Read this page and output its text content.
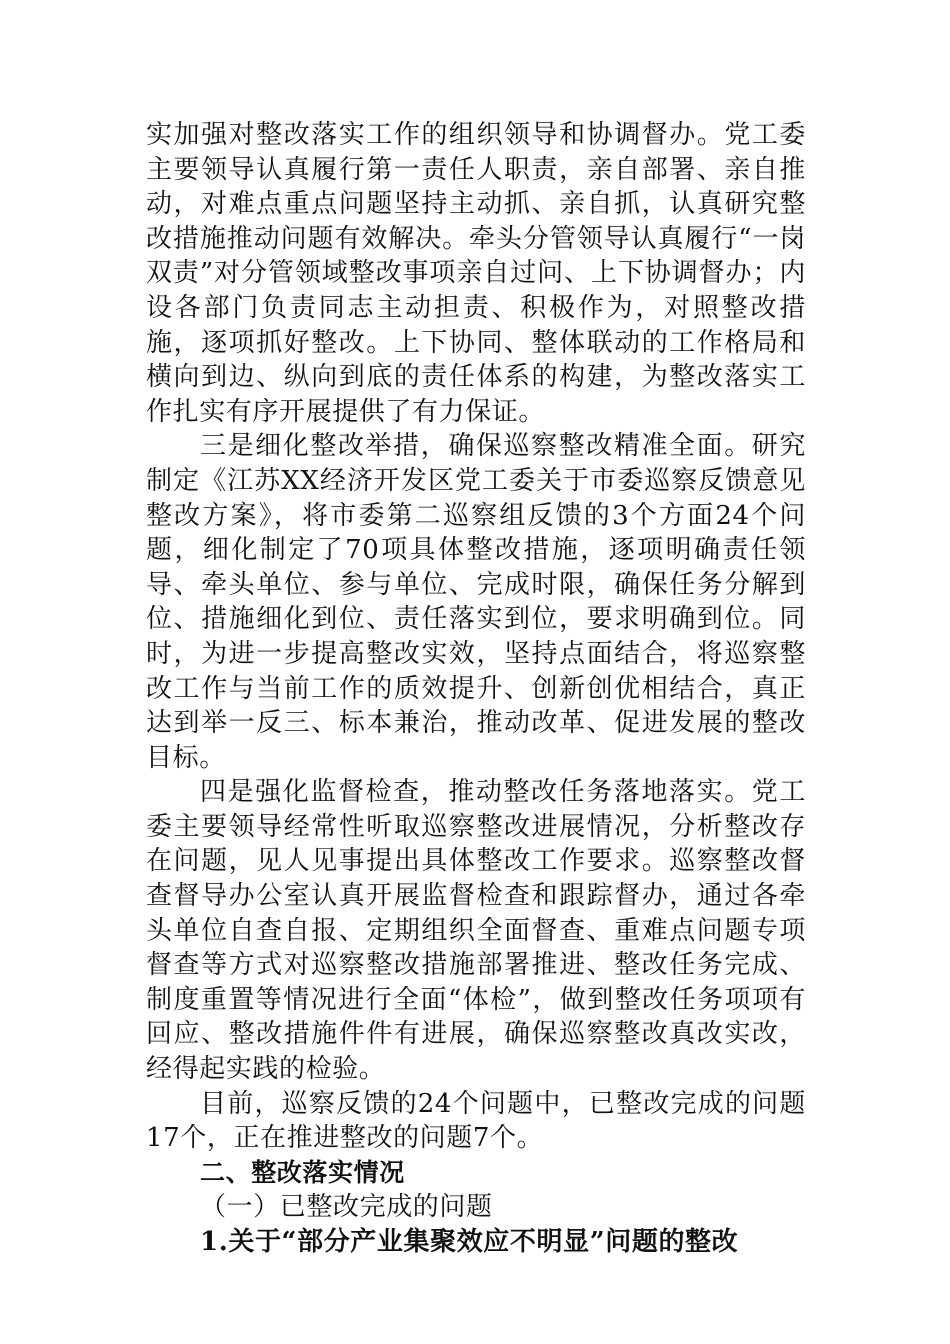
实加强对整改落实工作的组织领导和协调督办。党工委主要领导认真履行第一责任人职责，亲自部署、亲自推动，对难点重点问题坚持主动抓、亲自抓，认真研究整改措施推动问题有效解决。牵头分管领导认真履行“一岗双责”对分管领域整改事项亲自过问、上下协调督办；内设各部门负责同志主动担责、积极作为，对照整改措施，逐项抓好整改。上下协同、整体联动的工作格局和横向到边、纵向到底的责任体系的构建，为整改落实工作扎实有序开展提供了有力保证。

三是细化整改举措，确保巡察整改精准全面。研究制定《江苏XX经济开发区党工委关于市委巡察反馈意见整改方案》，将市委第二巡察组反馈的3个方面24个问题，细化制定了70项具体整改措施，逐项明确责任领导、牵头单位、参与单位、完成时限，确保任务分解到位、措施细化到位、责任落实到位，要求明确到位。同时，为进一步提高整改实效，坚持点面结合，将巡察整改工作与当前工作的质效提升、创新创优相结合，真正达到举一反三、标本兼治，推动改革、促进发展的整改目标。

四是强化监督检查，推动整改任务落地落实。党工委主要领导经常性听取巡察整改进展情况，分析整改存在问题，见人见事提出具体整改工作要求。巡察整改督查督导办公室认真开展监督检查和跟踪督办，通过各牵头单位自查自报、定期组织全面督查、重难点问题专项督查等方式对巡察整改措施部署推进、整改任务完成、制度重置等情况进行全面“体检”，做到整改任务项项有回应、整改措施件件有进展，确保巡察整改真改实改，经得起实践的检验。

目前，巡察反馈的24个问题中，已整改完成的问题17个，正在推进整改的问题7个。

二、整改落实情况

（一）已整改完成的问题

1.关于“部分产业集聚效应不明显”问题的整改
